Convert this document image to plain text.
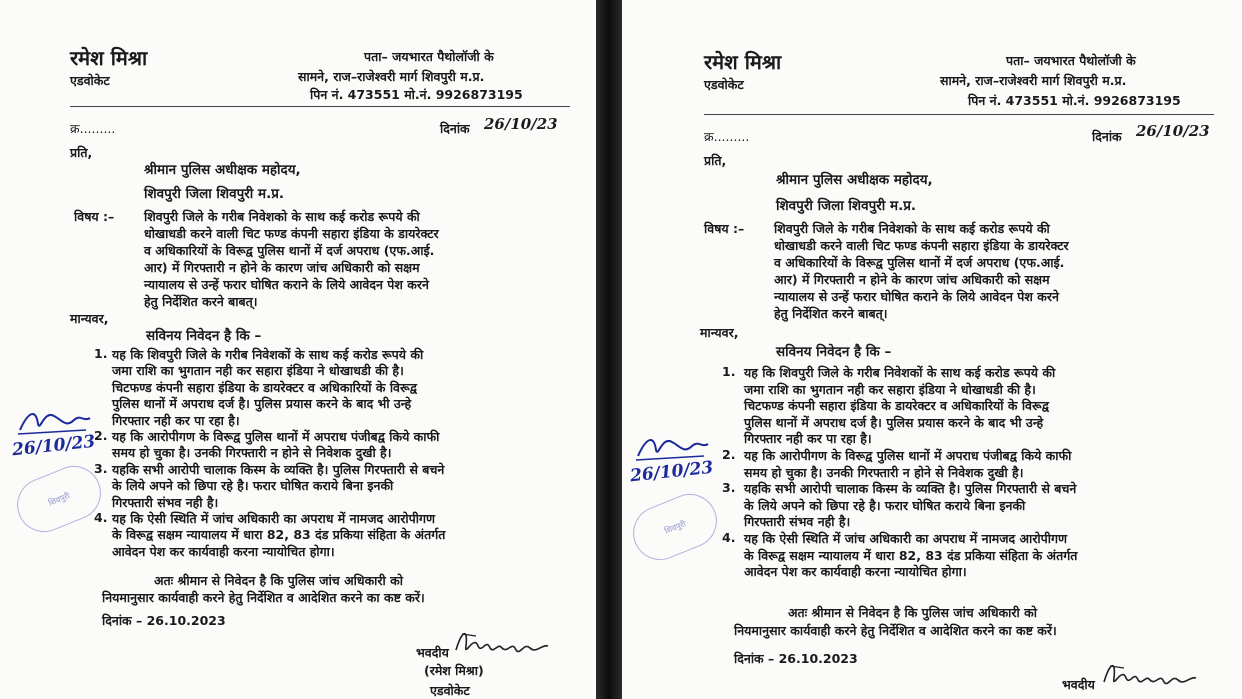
रमेश मिश्रा
एडवोकेट
पता– जयभारत पैथोलॉजी के
सामने, राज–राजेश्वरी मार्ग शिवपुरी म.प्र.
पिन नं. 473551 मो.नं. 9926873195
क्र.........	दिनांक 26/10/23
प्रति,
श्रीमान पुलिस अधीक्षक महोदय,
शिवपुरी जिला शिवपुरी म.प्र.
विषय :–
मान्यवर,
सविनय निवेदन है कि –
दिनांक – 26.10.2023
भवदीय
(रमेश मिश्रा)
एडवोकेट
26/10/23
शिवपुरी
शिवपुरी जिले के गरीब निवेशको के साथ कई करोड रूपये की
धोखाधडी करने वाली चिट फण्ड कंपनी सहारा इंडिया के डायरेक्टर
व अधिकारियों के विरूद्व पुलिस थानों में दर्ज अपराध (एफ.आई.
आर) में गिरफ्तारी न होने के कारण जांच अधिकारी को सक्षम
न्यायालय से उन्हें फरार घोषित कराने के लिये आवेदन पेश करने
हेतु निर्देशित करने बाबत्।
1. यह कि शिवपुरी जिले के गरीब निवेशकों के साथ कई करोड रूपये की
जमा राशि का भुगतान नही कर सहारा इंडिया ने धोखाधडी की है।
चिटफण्ड कंपनी सहारा इंडिया के डायरेक्टर व अधिकारियों के विरूद्व
पुलिस थानों में अपराध दर्ज है। पुलिस प्रयास करने के बाद भी उन्हे
गिरफ्तार नही कर पा रहा है।
2. यह कि आरोपीगण के विरूद्व पुलिस थानों में अपराध पंजीबद्व किये काफी
समय हो चुका है। उनकी गिरफ्तारी न होने से निवेशक दुखी है।
3. यहकि सभी आरोपी चालाक किस्म के व्यक्ति है। पुलिस गिरफ्तारी से बचने
के लिये अपने को छिपा रहे है। फरार घोषित कराये बिना इनकी
गिरफ्तारी संभव नही है।
4. यह कि ऐसी स्थिति में जांच अधिकारी का अपराध में नामजद आरोपीगण
के विरूद्व सक्षम न्यायालय में धारा 82, 83 दंड प्रकिया संहिता के अंतर्गत
आवेदन पेश कर कार्यवाही करना न्यायोचित होगा।
अतः श्रीमान से निवेदन है कि पुलिस जांच अधिकारी को
नियमानुसार कार्यवाही करने हेतु निर्देशित व आदेशित करने का कष्ट करें।
रमेश मिश्रा
एडवोकेट
पता– जयभारत पैथोलॉजी के
सामने, राज–राजेश्वरी मार्ग शिवपुरी म.प्र.
पिन नं. 473551 मो.नं. 9926873195
क्र.........	दिनांक 26/10/23
प्रति,
श्रीमान पुलिस अधीक्षक महोदय,
शिवपुरी जिला शिवपुरी म.प्र.
विषय :–
मान्यवर,
सविनय निवेदन है कि –
दिनांक – 26.10.2023
भवदीय
26/10/23
शिवपुरी
शिवपुरी जिले के गरीब निवेशको के साथ कई करोड रूपये की
धोखाधडी करने वाली चिट फण्ड कंपनी सहारा इंडिया के डायरेक्टर
व अधिकारियों के विरूद्व पुलिस थानों में दर्ज अपराध (एफ.आई.
आर) में गिरफ्तारी न होने के कारण जांच अधिकारी को सक्षम
न्यायालय से उन्हें फरार घोषित कराने के लिये आवेदन पेश करने
हेतु निर्देशित करने बाबत्।
1. यह कि शिवपुरी जिले के गरीब निवेशकों के साथ कई करोड रूपये की
जमा राशि का भुगतान नही कर सहारा इंडिया ने धोखाधडी की है।
चिटफण्ड कंपनी सहारा इंडिया के डायरेक्टर व अधिकारियों के विरूद्व
पुलिस थानों में अपराध दर्ज है। पुलिस प्रयास करने के बाद भी उन्हे
गिरफ्तार नही कर पा रहा है।
2. यह कि आरोपीगण के विरूद्व पुलिस थानों में अपराध पंजीबद्व किये काफी
समय हो चुका है। उनकी गिरफ्तारी न होने से निवेशक दुखी है।
3. यहकि सभी आरोपी चालाक किस्म के व्यक्ति है। पुलिस गिरफ्तारी से बचने
के लिये अपने को छिपा रहे है। फरार घोषित कराये बिना इनकी
गिरफ्तारी संभव नही है।
4. यह कि ऐसी स्थिति में जांच अधिकारी का अपराध में नामजद आरोपीगण
के विरूद्व सक्षम न्यायालय में धारा 82, 83 दंड प्रकिया संहिता के अंतर्गत
आवेदन पेश कर कार्यवाही करना न्यायोचित होगा।
अतः श्रीमान से निवेदन है कि पुलिस जांच अधिकारी को
नियमानुसार कार्यवाही करने हेतु निर्देशित व आदेशित करने का कष्ट करें।
